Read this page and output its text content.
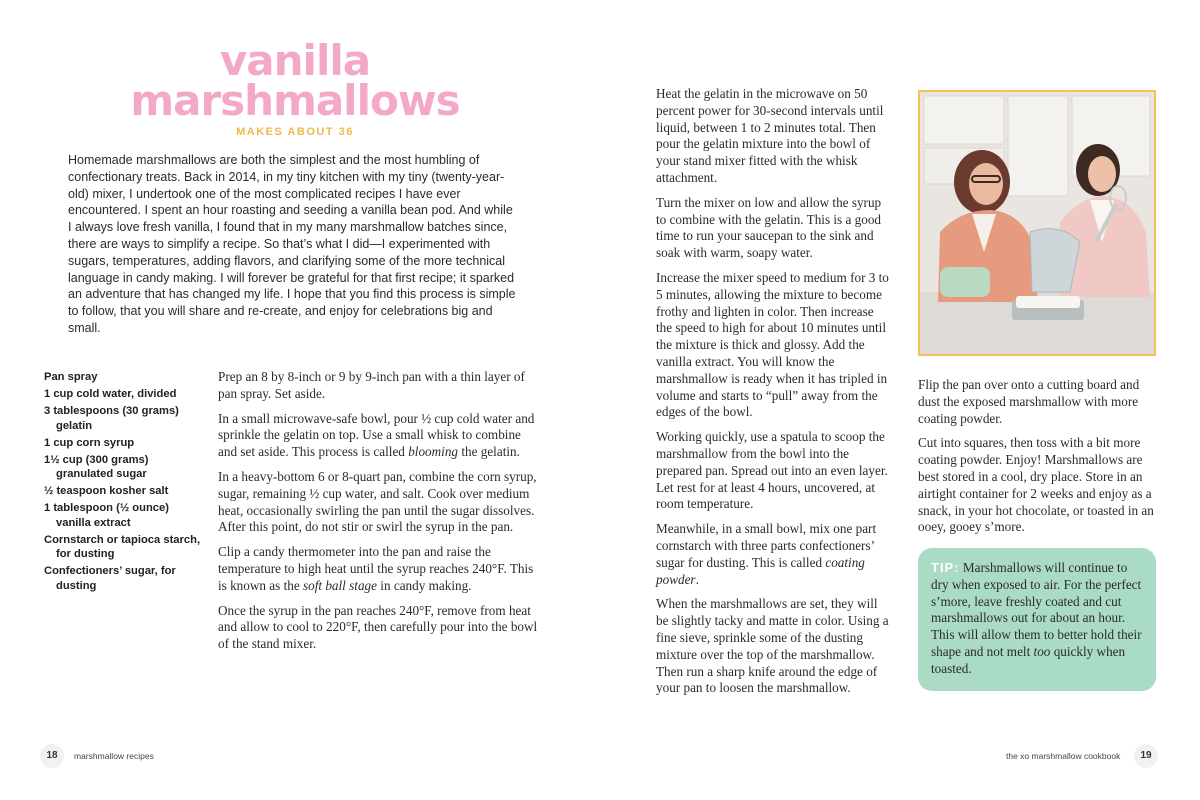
vanilla
marshmallows
MAKES ABOUT 36

Homemade marshmallows are both the simplest and the most humbling of confectionary treats. Back in 2014, in my tiny kitchen with my tiny (twenty-year-old) mixer, I undertook one of the most complicated recipes I have ever encountered. I spent an hour roasting and seeding a vanilla bean pod. And while I always love fresh vanilla, I found that in my many marshmallow batches since, there are ways to simplify a recipe. So that’s what I did—I experimented with sugars, temperatures, adding flavors, and clarifying some of the more technical language in candy making. I will forever be grateful for that first recipe; it sparked an adventure that has changed my life. I hope that you find this process is simple to follow, that you will share and re-create, and enjoy for celebrations big and small.

Pan spray
1 cup cold water, divided
3 tablespoons (30 grams) gelatin
1 cup corn syrup
1½ cup (300 grams) granulated sugar
½ teaspoon kosher salt
1 tablespoon (½ ounce) vanilla extract
Cornstarch or tapioca starch, for dusting
Confectioners’ sugar, for dusting

Prep an 8 by 8-inch or 9 by 9-inch pan with a thin layer of pan spray. Set aside.

In a small microwave-safe bowl, pour ½ cup cold water and sprinkle the gelatin on top. Use a small whisk to combine and set aside. This process is called blooming the gelatin.

In a heavy-bottom 6 or 8-quart pan, combine the corn syrup, sugar, remaining ½ cup water, and salt. Cook over medium heat, occasionally swirling the pan until the sugar dissolves. After this point, do not stir or swirl the syrup in the pan.

Clip a candy thermometer into the pan and raise the temperature to high heat until the syrup reaches 240°F. This is known as the soft ball stage in candy making.

Once the syrup in the pan reaches 240°F, remove from heat and allow to cool to 220°F, then carefully pour into the bowl of the stand mixer.

18	marshmallow recipes

Heat the gelatin in the microwave on 50 percent power for 30-second intervals until liquid, between 1 to 2 minutes total. Then pour the gelatin mixture into the bowl of your stand mixer fitted with the whisk attachment.

Turn the mixer on low and allow the syrup to combine with the gelatin. This is a good time to run your saucepan to the sink and soak with warm, soapy water.

Increase the mixer speed to medium for 3 to 5 minutes, allowing the mixture to become frothy and lighten in color. Then increase the speed to high for about 10 minutes until the mixture is thick and glossy. Add the vanilla extract. You will know the marshmallow is ready when it has tripled in volume and starts to “pull” away from the edges of the bowl.

Working quickly, use a spatula to scoop the marshmallow from the bowl into the prepared pan. Spread out into an even layer. Let rest for at least 4 hours, uncovered, at room temperature.

Meanwhile, in a small bowl, mix one part cornstarch with three parts confectioners’ sugar for dusting. This is called coating powder.

When the marshmallows are set, they will be slightly tacky and matte in color. Using a fine sieve, sprinkle some of the dusting mixture over the top of the marshmallow. Then run a sharp knife around the edge of your pan to loosen the marshmallow.

Flip the pan over onto a cutting board and dust the exposed marshmallow with more coating powder.

Cut into squares, then toss with a bit more coating powder. Enjoy! Marshmallows are best stored in a cool, dry place. Store in an airtight container for 2 weeks and enjoy as a snack, in your hot chocolate, or toasted in an ooey, gooey s’more.

TIP: Marshmallows will continue to dry when exposed to air. For the perfect s’more, leave freshly coated and cut marshmallows out for about an hour. This will allow them to better hold their shape and not melt too quickly when toasted.
the xo marshmallow cookbook	19
